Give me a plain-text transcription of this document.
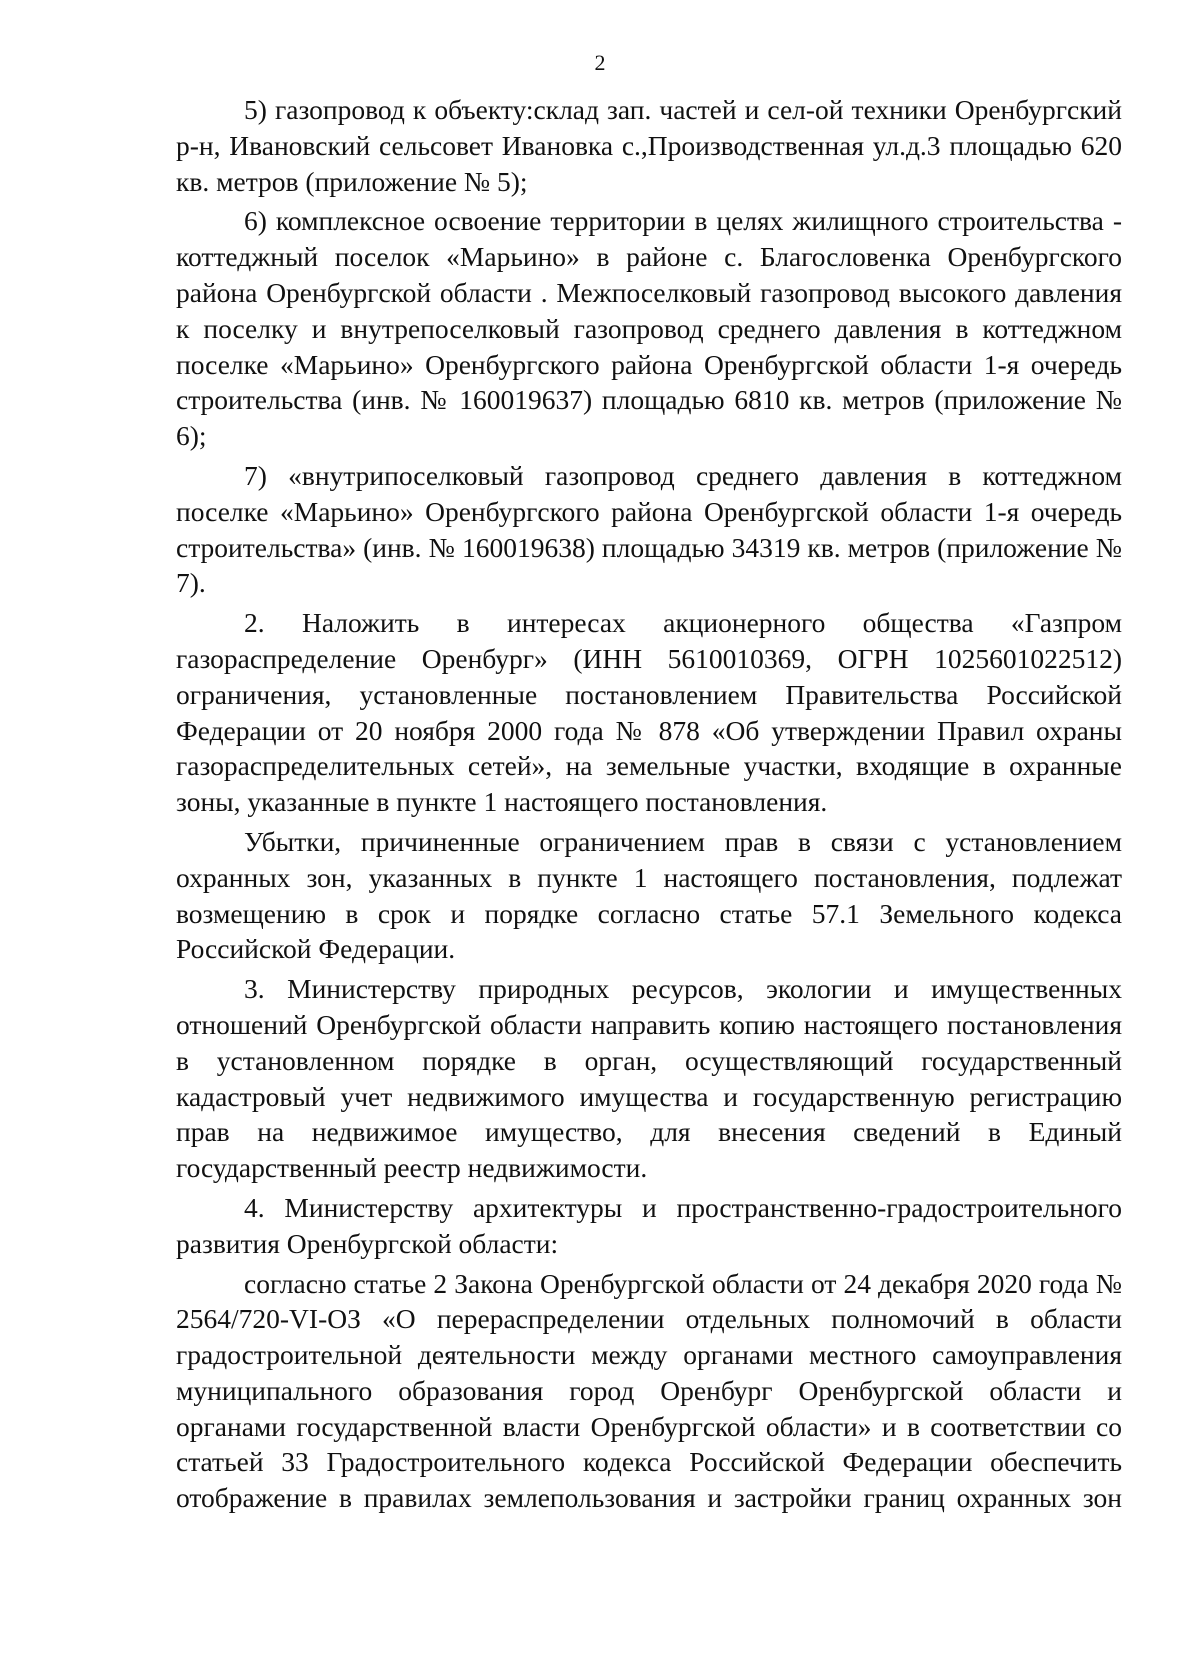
2

5) газопровод к объекту:склад зап. частей и сел-ой техники Оренбургский р-н, Ивановский сельсовет Ивановка с.,Производственная ул.д.3 площадью 620 кв. метров (приложение № 5);

6) комплексное освоение территории в целях жилищного строительства - коттеджный поселок «Марьино» в районе с. Благословенка Оренбургского района Оренбургской области . Межпоселковый газопровод высокого давления к поселку и внутрепоселковый газопровод среднего давления в коттеджном поселке «Марьино» Оренбургского района Оренбургской области 1-я очередь строительства (инв. № 160019637) площадью 6810 кв. метров (приложение № 6);

7) «внутрипоселковый газопровод среднего давления в коттеджном поселке «Марьино» Оренбургского района Оренбургской области 1-я очередь строительства» (инв. № 160019638) площадью 34319 кв. метров (приложение № 7).

2. Наложить в интересах акционерного общества «Газпром газораспределение Оренбург» (ИНН 5610010369, ОГРН 1025601022512) ограничения, установленные постановлением Правительства Российской Федерации от 20 ноября 2000 года № 878 «Об утверждении Правил охраны газораспределительных сетей», на земельные участки, входящие в охранные зоны, указанные в пункте 1 настоящего постановления.

Убытки, причиненные ограничением прав в связи с установлением охранных зон, указанных в пункте 1 настоящего постановления, подлежат возмещению в срок и порядке согласно статье 57.1 Земельного кодекса Российской Федерации.

3. Министерству природных ресурсов, экологии и имущественных отношений Оренбургской области направить копию настоящего постановления в установленном порядке в орган, осуществляющий государственный кадастровый учет недвижимого имущества и государственную регистрацию прав на недвижимое имущество, для внесения сведений в Единый государственный реестр недвижимости.

4. Министерству архитектуры и пространственно-градостроительного развития Оренбургской области:

согласно статье 2 Закона Оренбургской области от 24 декабря 2020 года № 2564/720-VI-ОЗ «О перераспределении отдельных полномочий в области градостроительной деятельности между органами местного самоуправления муниципального образования город Оренбург Оренбургской области и органами государственной власти Оренбургской области» и в соответствии со статьей 33 Градостроительного кодекса Российской Федерации обеспечить отображение в правилах землепользования и застройки границ охранных зон
